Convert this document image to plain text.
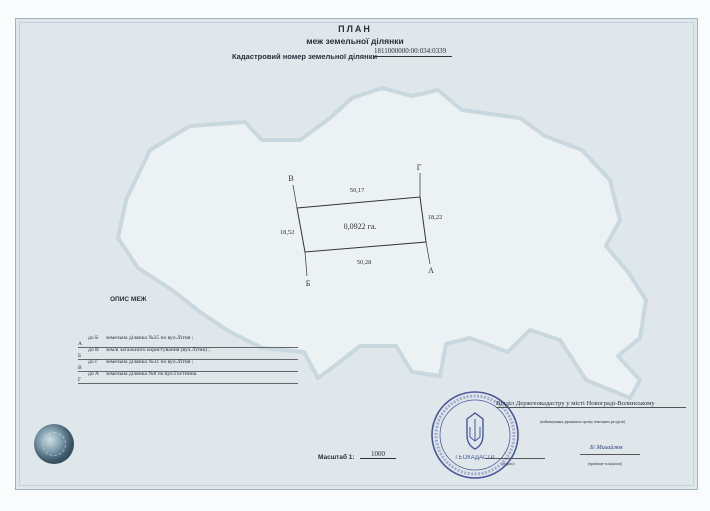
ПЛАН
меж земельної ділянки
Кадастровий номер земельної ділянки
1811000000:00:034:0339
В
Г
Б
А
50,17
18,22
50,28
18,52
0,0922 га.
ОПИС МЕЖ
А
до Б земельна ділянка №35 по вул.Літня ;
Б
до В землі загального користування (вул.Літня) ;
В
до Г земельна ділянка №31 по вул.Літня ;
Г
до А земельна ділянка №8 по вул.Гостинна.
Масштаб 1:	1000	ГЕОКАДАСТР
Відділ Держгеокадастру у місті Новограді-Волинському
(найменування державного органу земельних ресурсів)
(підпис)
Б/.Михайлюк
(прізвище та ініціали)
